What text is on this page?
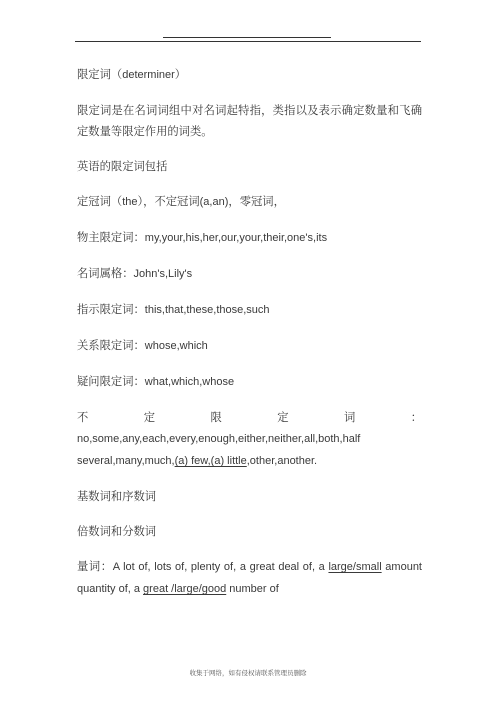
限定词（determiner）

限定词是在名词词组中对名词起特指，类指以及表示确定数量和飞确定数量等限定作用的词类。

英语的限定词包括

定冠词（the），不定冠词(a,an)，零冠词，

物主限定词：my,your,his,her,our,your,their,one's,its

名词属格：John's,Lily's

指示限定词：this,that,these,those,such

关系限定词：whose,which

疑问限定词：what,which,whose

不定限定词：no,some,any,each,every,enough,either,neither,all,both,half several,many,much,(a) few,(a) little,other,another.

基数词和序数词

倍数词和分数词

量词：A lot of, lots of, plenty of, a great deal of, a large/small amount quantity of, a great /large/good number of

收集于网络，如有侵权请联系管理员删除
